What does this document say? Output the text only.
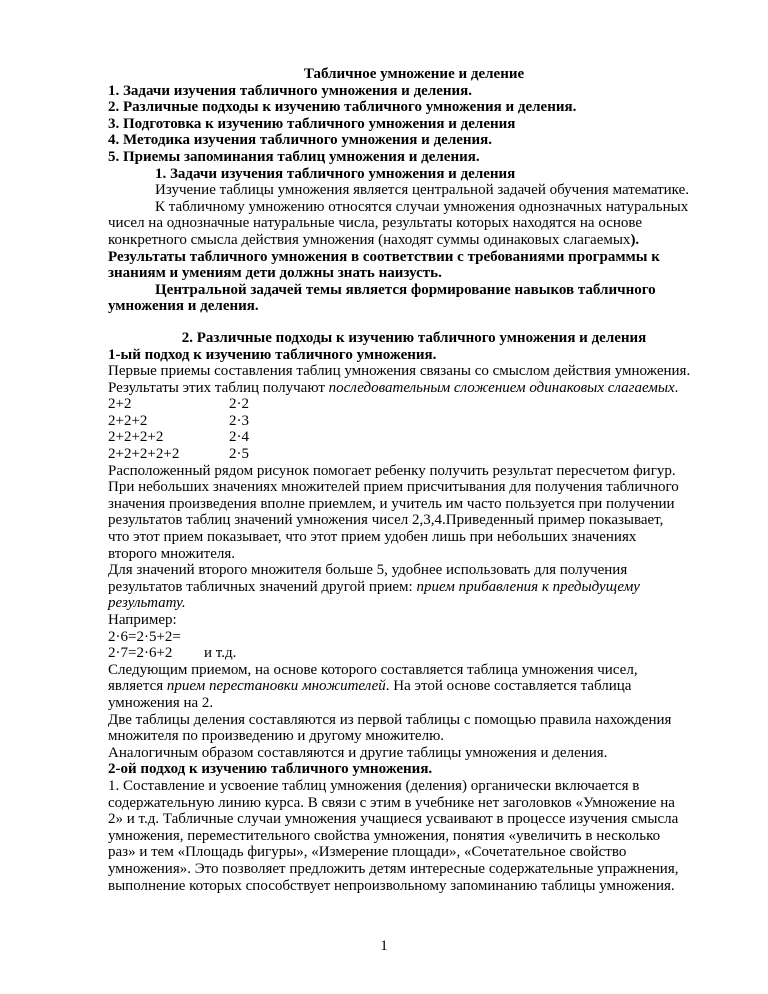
Табличное умножение и деление

1. Задачи изучения табличного умножения и деления.

2. Различные подходы к изучению табличного умножения и деления.

3. Подготовка к изучению табличного умножения и деления

4. Методика изучения табличного умножения и деления.

5. Приемы запоминания таблиц умножения и деления.

1. Задачи изучения табличного умножения и деления

Изучение таблицы умножения является центральной задачей обучения математике.

К табличному умножению относятся случаи умножения однозначных натуральных

чисел на однозначные натуральные числа, результаты которых находятся на основе

конкретного смысла действия умножения (находят суммы одинаковых слагаемых).

Результаты табличного умножения в соответствии с требованиями программы к

знаниям и умениям дети должны знать наизусть.

Центральной задачей темы является формирование навыков табличного

умножения и деления.

2. Различные подходы к изучению табличного умножения и деления

1-ый подход к изучению табличного умножения.

Первые приемы составления таблиц умножения связаны со смыслом действия умножения.

Результаты этих таблиц получают последовательным сложением одинаковых слагаемых.

2+2	2·2
2+2+2	2·3
2+2+2+2	2·4
2+2+2+2+2	2·5

Расположенный рядом рисунок помогает ребенку получить результат пересчетом фигур.

При небольших значениях множителей прием присчитывания для получения табличного

значения произведения вполне приемлем, и учитель им часто пользуется при получении

результатов таблиц значений умножения чисел 2,3,4.Приведенный пример показывает,

что этот прием показывает, что этот прием удобен лишь при небольших значениях

второго множителя.

Для значений второго множителя больше 5, удобнее использовать для получения

результатов табличных значений другой прием: прием прибавления к предыдущему

результату.

Например:

2·6=2·5+2=

2·7=2·6+2	и т.д.

Следующим приемом, на основе которого составляется таблица умножения чисел,

является прием перестановки множителей. На этой основе составляется таблица

умножения на 2.

Две таблицы деления составляются из первой таблицы с помощью правила нахождения

множителя по произведению и другому множителю.

Аналогичным образом составляются и другие таблицы умножения и деления.

2-ой подход к изучению табличного умножения.

1. Составление и усвоение таблиц умножения (деления) органически включается в

содержательную линию курса. В связи с этим в учебнике нет заголовков «Умножение на

2» и т.д. Табличные случаи умножения учащиеся усваивают в процессе изучения смысла

умножения, переместительного свойства умножения, понятия «увеличить в несколько

раз» и тем «Площадь фигуры», «Измерение площади», «Сочетательное свойство

умножения». Это позволяет предложить детям интересные содержательные упражнения,

выполнение которых способствует непроизвольному запоминанию таблицы умножения.

1
